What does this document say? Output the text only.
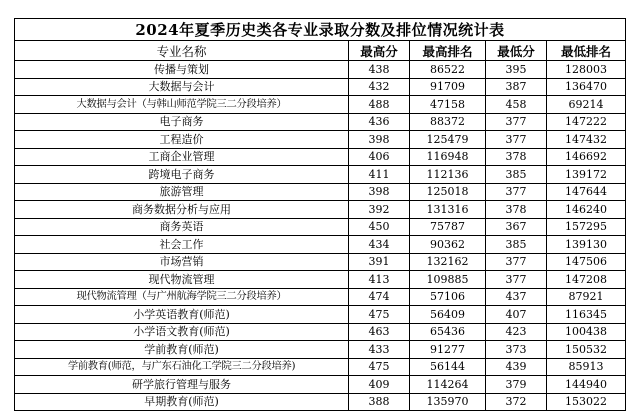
2024年夏季历史类各专业录取分数及排位情况统计表				
专业名称	最高分	最高排名	最低分	最低排名
传播与策划	438	86522	395	128003
大数据与会计	432	91709	387	136470
大数据与会计（与韩山师范学院三二分段培养）	488	47158	458	69214
电子商务	436	88372	377	147222
工程造价	398	125479	377	147432
工商企业管理	406	116948	378	146692
跨境电子商务	411	112136	385	139172
旅游管理	398	125018	377	147644
商务数据分析与应用	392	131316	378	146240
商务英语	450	75787	367	157295
社会工作	434	90362	385	139130
市场营销	391	132162	377	147506
现代物流管理	413	109885	377	147208
现代物流管理（与广州航海学院三二分段培养）	474	57106	437	87921
小学英语教育(师范)	475	56409	407	116345
小学语文教育(师范)	463	65436	423	100438
学前教育(师范)	433	91277	373	150532
学前教育(师范，与广东石油化工学院三二分段培养)	475	56144	439	85913
研学旅行管理与服务	409	114264	379	144940
早期教育(师范)	388	135970	372	153022
